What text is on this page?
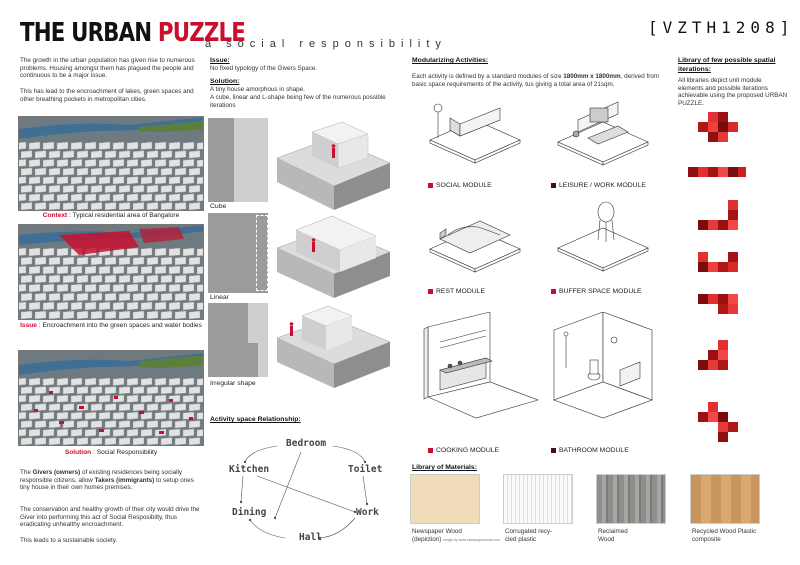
THE URBAN PUZZLE
a social responsibility
[VZTH1208]
The growth in the urban population has given rise to numerous problems. Housing amongst them has plagued the people and continuous to be a major issue.
This has lead to the encroachment of lakes, green spaces and other breathing pockets in metropolitan cities.
Context : Typical residential area of Bangalore
Issue : Encroachment into the green spaces and water bodies
Solution : Social Responsibility
The Givers (owners) of existing residences being socially responsible citizens, allow Takers (immigrants) to setup ones tiny house in their own homes premises.
The conservation and healthy growth of their city would drive the Giver into performing this act of Social Resposibilty, thus eradicating unhealthy encroachment.
This leads to a sustainable society.
Issue:
No fixed typology of the Givers Space.
Solution:
A tiny house amorphous in shape.
A cube, linear and L-shape being few of the numerous possible iterations
Cube
Linear
Irregular shape
Activity space Relationship:
Bedroom
Toilet
Work
Hall
Dining
Kitchen
Modularizing Activities:
Each activity is defined by a standard modules of size 1800mm x 1800mm, derived from basic space requirements of the activity, tus giving a total area of 21sqm.
SOCIAL MODULE	LEISURE / WORK MODULE
REST MODULE	BUFFER SPACE MODULE
COOKING MODULE	BATHROOM MODULE
Library of Materials:
Newspaper Wood
(depiction) Image by www.newspaperwood.com
Corrugated recy-
cled plastic
Reclaimed
Wood
Recycled Wood Plastic
composite
Library of few possible spatial iterations:
All libraries depict unit module elements and possible iterations achievable using the proposed URBAN PUZZLE.
